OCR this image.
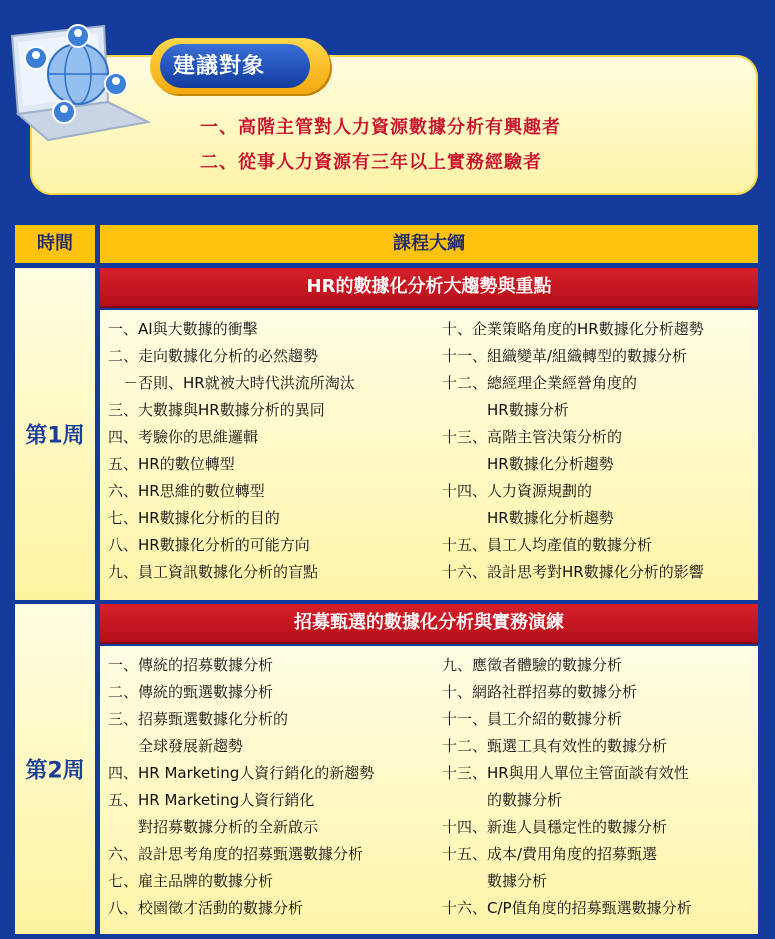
建議對象
一、高階主管對人力資源數據分析有興趣者
二、從事人力資源有三年以上實務經驗者
時間	課程大綱
第1周
HR的數據化分析大趨勢與重點
一、AI與大數據的衝擊
二、走向數據化分析的必然趨勢
　－否則、HR就被大時代洪流所淘汰
三、大數據與HR數據分析的異同
四、考驗你的思維邏輯
五、HR的數位轉型
六、HR思維的數位轉型
七、HR數據化分析的目的
八、HR數據化分析的可能方向
九、員工資訊數據化分析的盲點
十、企業策略角度的HR數據化分析趨勢
十一、組織變革/組織轉型的數據分析
十二、總經理企業經營角度的
　　　HR數據分析
十三、高階主管決策分析的
　　　HR數據化分析趨勢
十四、人力資源規劃的
　　　HR數據化分析趨勢
十五、員工人均產值的數據分析
十六、設計思考對HR數據化分析的影響
第2周
招募甄選的數據化分析與實務演練
一、傳統的招募數據分析
二、傳統的甄選數據分析
三、招募甄選數據化分析的
　　全球發展新趨勢
四、HR Marketing人資行銷化的新趨勢
五、HR Marketing人資行銷化
　　對招募數據分析的全新啟示
六、設計思考角度的招募甄選數據分析
七、雇主品牌的數據分析
八、校園徵才活動的數據分析
九、應徵者體驗的數據分析
十、網路社群招募的數據分析
十一、員工介紹的數據分析
十二、甄選工具有效性的數據分析
十三、HR與用人單位主管面談有效性
　　　的數據分析
十四、新進人員穩定性的數據分析
十五、成本/費用角度的招募甄選
　　　數據分析
十六、C/P值角度的招募甄選數據分析
